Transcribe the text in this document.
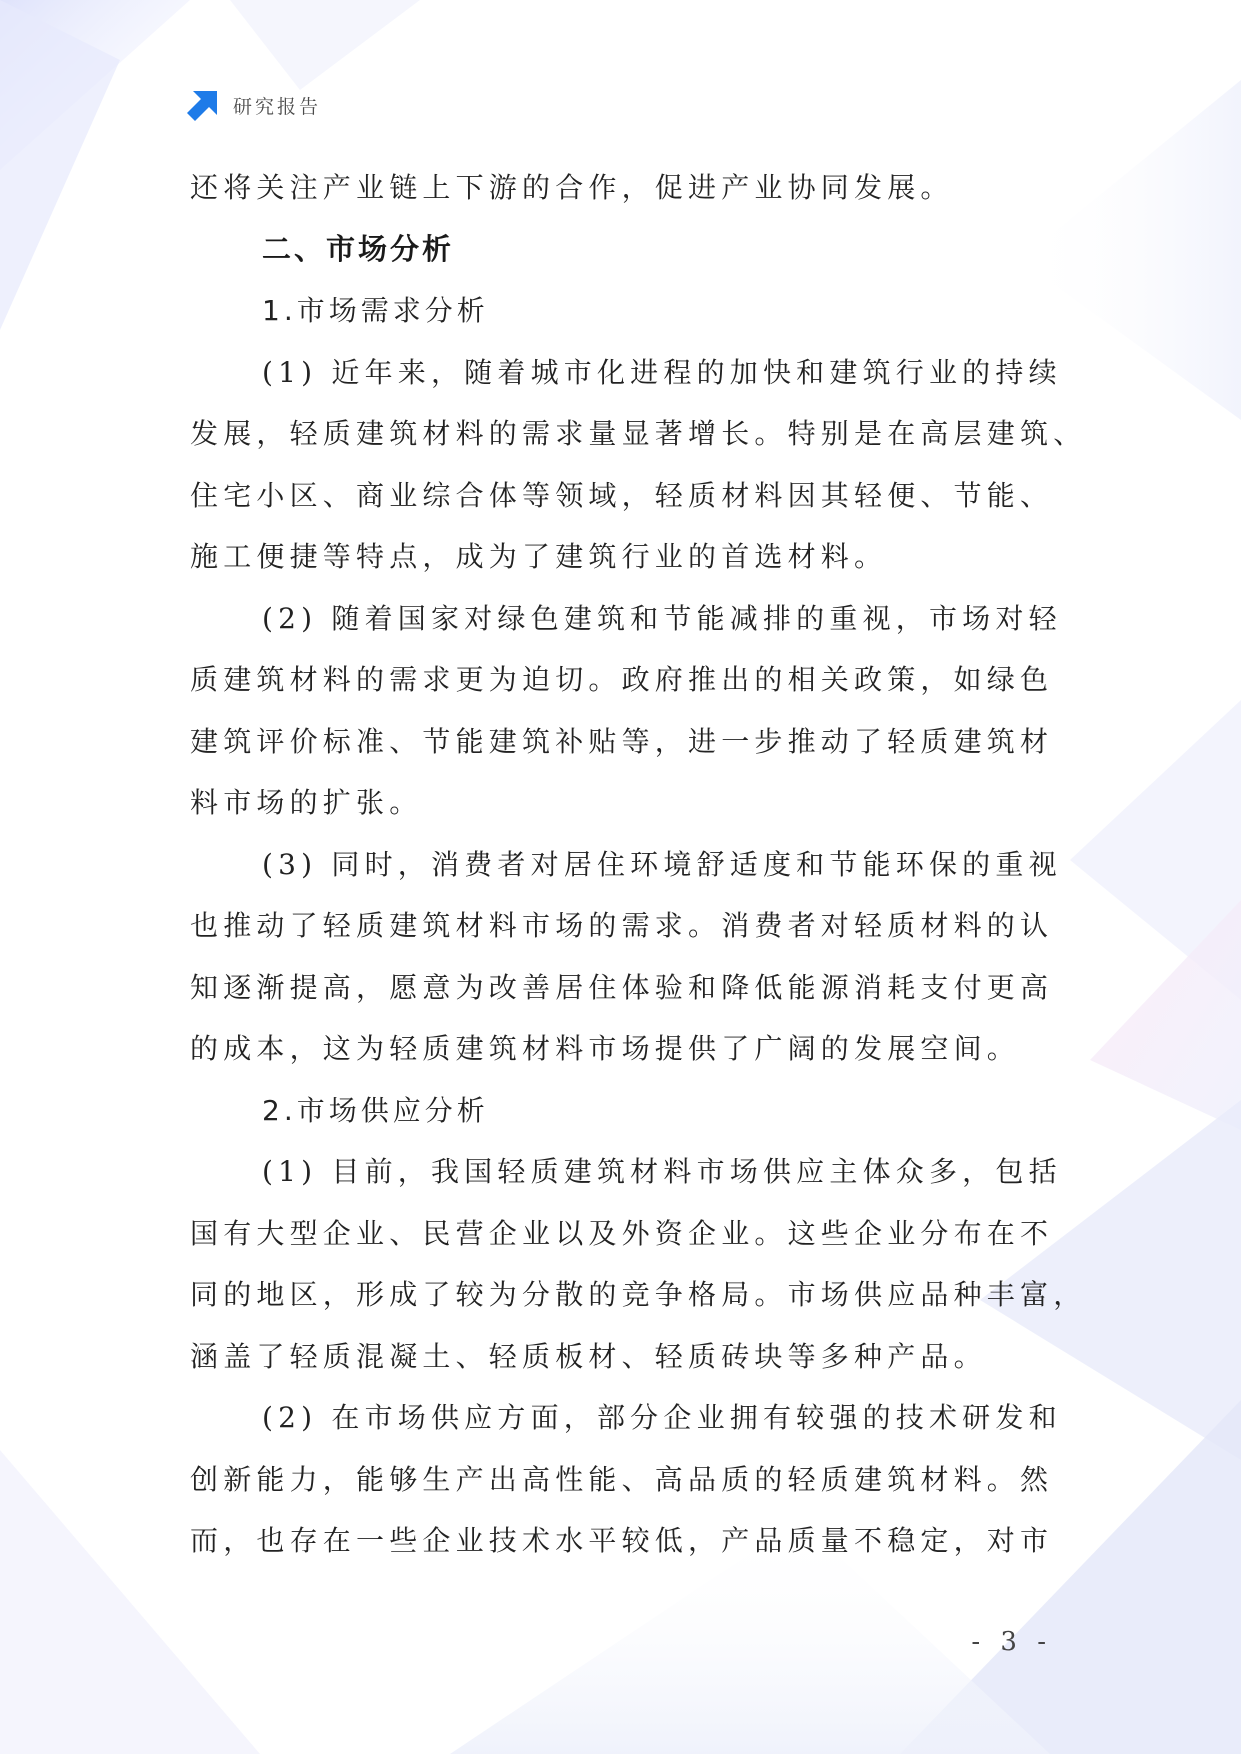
研究报告
还将关注产业链上下游的合作，促进产业协同发展。
二、市场分析
1.市场需求分析
(1) 近年来，随着城市化进程的加快和建筑行业的持续
发展，轻质建筑材料的需求量显著增长。特别是在高层建筑、
住宅小区、商业综合体等领域，轻质材料因其轻便、节能、
施工便捷等特点，成为了建筑行业的首选材料。
(2) 随着国家对绿色建筑和节能减排的重视，市场对轻
质建筑材料的需求更为迫切。政府推出的相关政策，如绿色
建筑评价标准、节能建筑补贴等，进一步推动了轻质建筑材
料市场的扩张。
(3) 同时，消费者对居住环境舒适度和节能环保的重视
也推动了轻质建筑材料市场的需求。消费者对轻质材料的认
知逐渐提高，愿意为改善居住体验和降低能源消耗支付更高
的成本，这为轻质建筑材料市场提供了广阔的发展空间。
2.市场供应分析
(1) 目前，我国轻质建筑材料市场供应主体众多，包括
国有大型企业、民营企业以及外资企业。这些企业分布在不
同的地区，形成了较为分散的竞争格局。市场供应品种丰富，
涵盖了轻质混凝土、轻质板材、轻质砖块等多种产品。
(2) 在市场供应方面，部分企业拥有较强的技术研发和
创新能力，能够生产出高性能、高品质的轻质建筑材料。然
而，也存在一些企业技术水平较低，产品质量不稳定，对市
- 3 -
